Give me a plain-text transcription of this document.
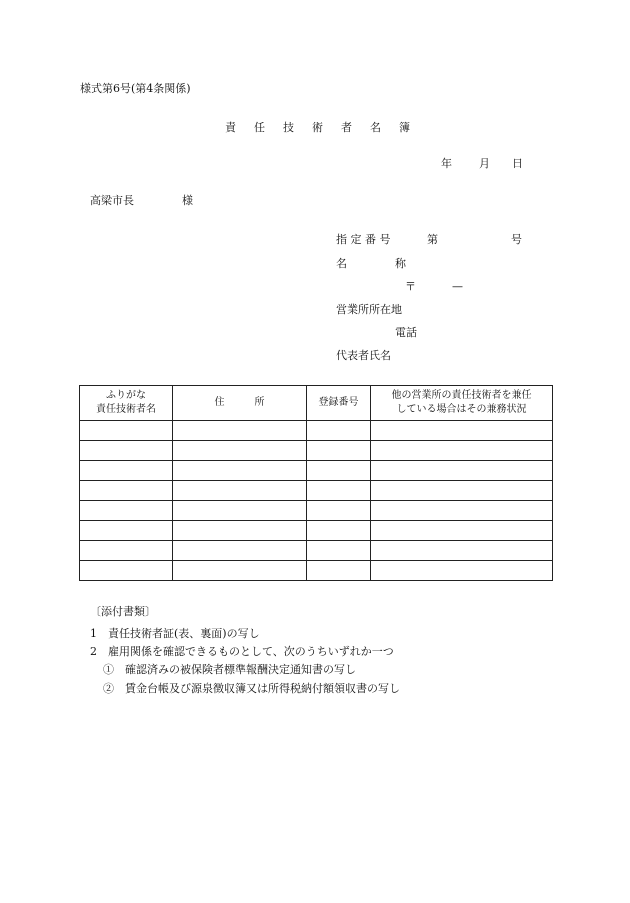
様式第6号(第4条関係)
責 任 技 術 者 名 簿
年 月 日
高梁市長	様
指 定 番 号	第	号
名	称
〒	—
営業所所在地
電話
代表者氏名
ふりがな
責任技術者名	住　　　所	登録番号	他の営業所の責任技術者を兼任
している場合はその兼務状況

〔添付書類〕
1　責任技術者証(表、裏面)の写し
2　雇用関係を確認できるものとして、次のうちいずれか一つ
①　確認済みの被保険者標準報酬決定通知書の写し
②　賃金台帳及び源泉徴収簿又は所得税納付額領収書の写し
